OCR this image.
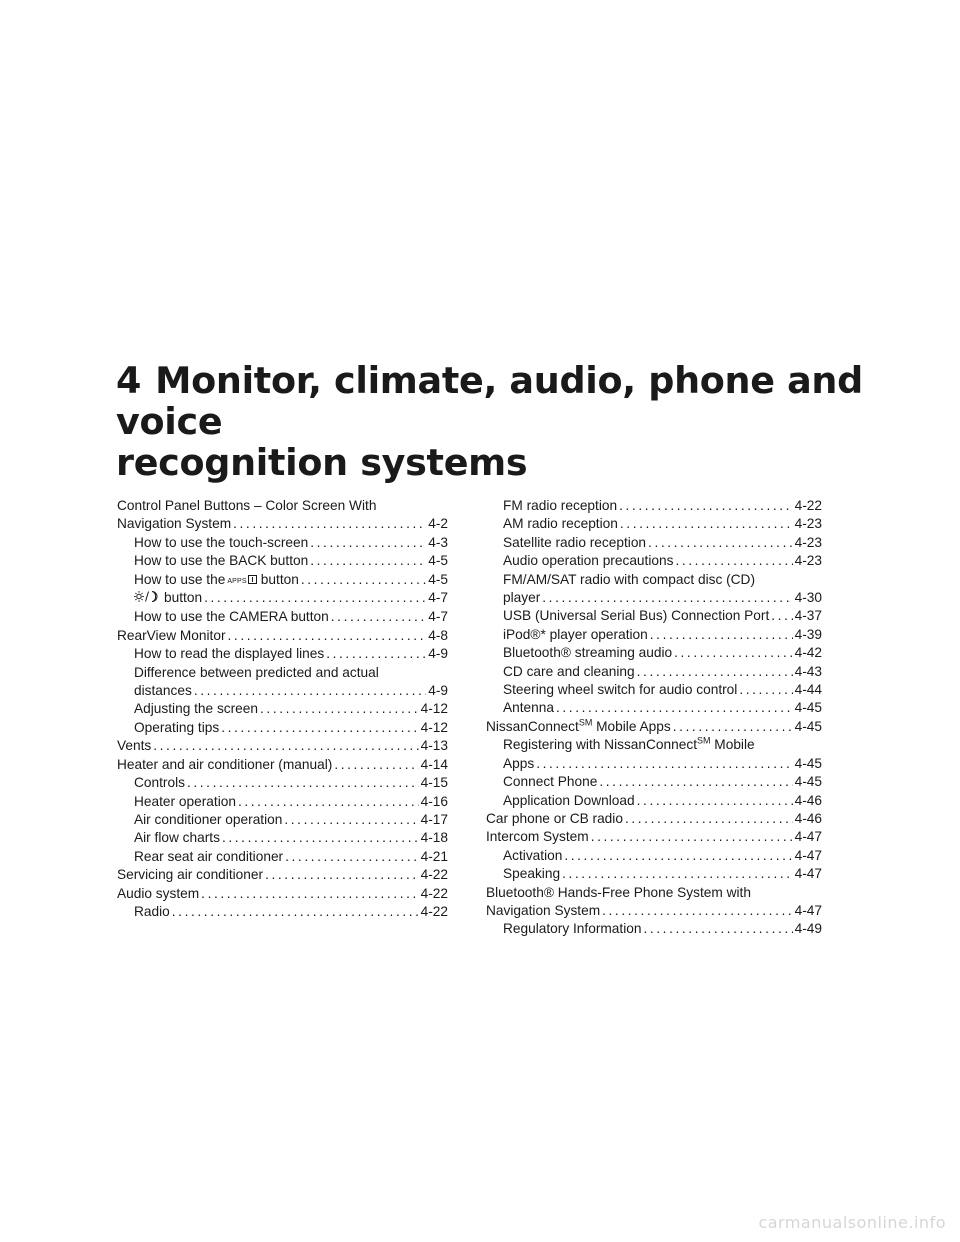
4 Monitor, climate, audio, phone and voice
recognition systems
Control Panel Buttons – Color Screen With
Navigation System . . .	4-2
How to use the touch-screen . . .	4-3
How to use the BACK button . . .	4-5
How to use the APPS button . . .	4-5
button . . .	4-7
How to use the CAMERA button . . .	4-7
RearView Monitor . . .	4-8
How to read the displayed lines . . .	4-9
Difference between predicted and actual
distances . . .	4-9
Adjusting the screen . . .	4-12
Operating tips . . .	4-12
Vents . . .	4-13
Heater and air conditioner (manual) . . .	4-14
Controls . . .	4-15
Heater operation . . .	4-16
Air conditioner operation . . .	4-17
Air flow charts . . .	4-18
Rear seat air conditioner . . .	4-21
Servicing air conditioner . . .	4-22
Audio system . . .	4-22
Radio . . .	4-22
FM radio reception . . .	4-22
AM radio reception . . .	4-23
Satellite radio reception . . .	4-23
Audio operation precautions . . .	4-23
FM/AM/SAT radio with compact disc (CD)
player . . .	4-30
USB (Universal Serial Bus) Connection Port . . . 4-37
iPod®* player operation . . .	4-39
Bluetooth® streaming audio . . .	4-42
CD care and cleaning . . .	4-43
Steering wheel switch for audio control . . .	4-44
Antenna . . .	4-45
NissanConnect℠ Mobile Apps . . .	4-45
Registering with NissanConnect℠ Mobile
Apps . . .	4-45
Connect Phone . . .	4-45
Application Download . . .	4-46
Car phone or CB radio . . .	4-46
Intercom System . . .	4-47
Activation . . .	4-47
Speaking . . .	4-47
Bluetooth® Hands-Free Phone System with
Navigation System . . .	4-47
Regulatory Information . . .	4-49
carmanualsonline.info
